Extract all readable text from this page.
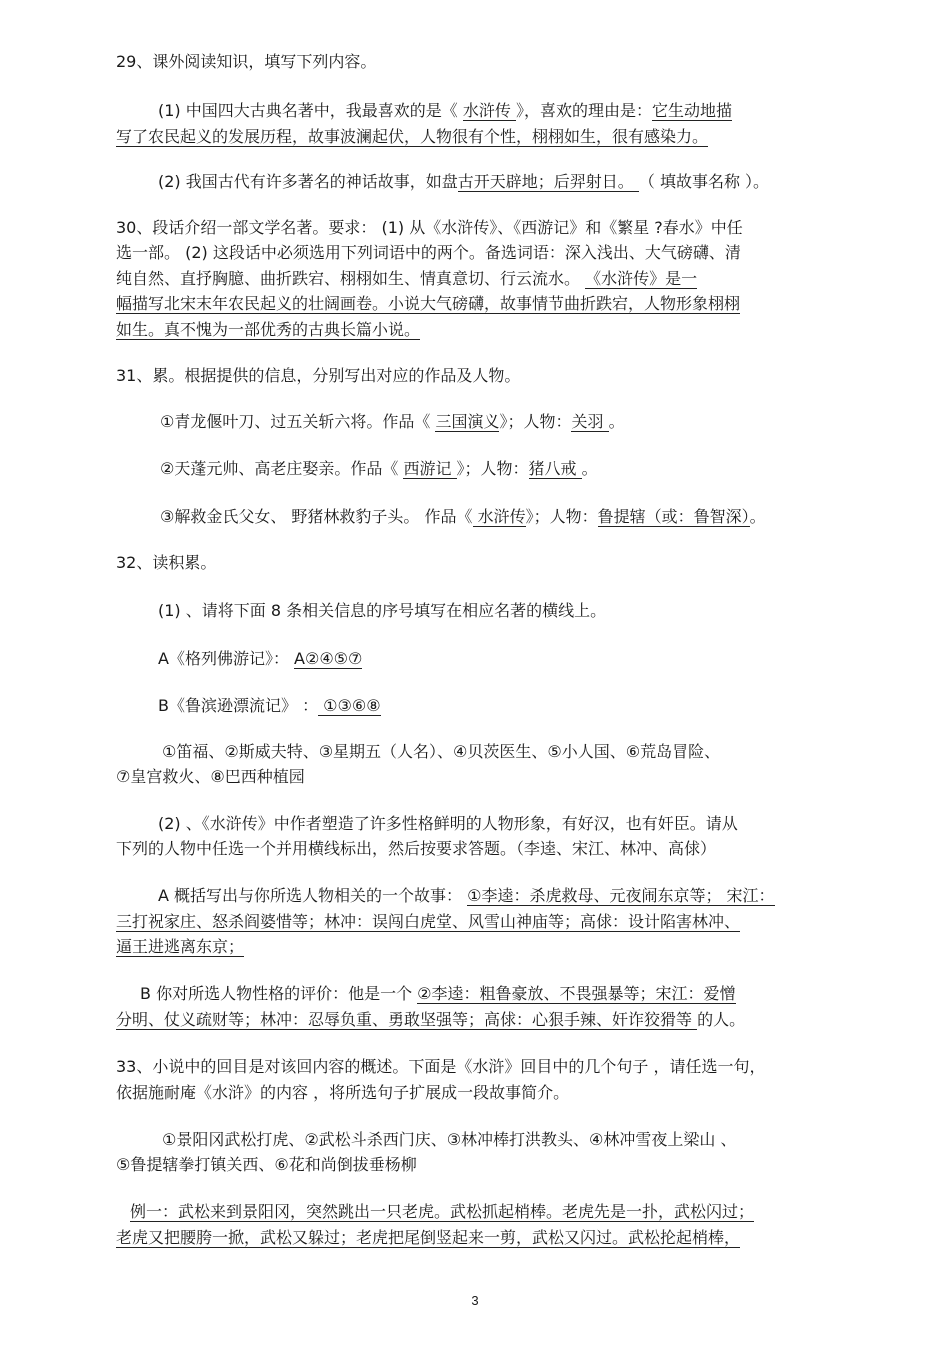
29、课外阅读知识，填写下列内容。
(1) 中国四大古典名著中，我最喜欢的是《 水浒传 》，喜欢的理由是：它生动地描
写了农民起义的发展历程，故事波澜起伏，人物很有个性，栩栩如生，很有感染力。
(2) 我国古代有许多著名的神话故事，如盘古开天辟地；后羿射日。 （ 填故事名称 ）。
30、段话介绍一部文学名著。要求： (1) 从《水浒传》、《西游记》和《繁星 ?春水》中任
选一部。 (2) 这段话中必须选用下列词语中的两个。备选词语：深入浅出、大气磅礴、清
纯自然、直抒胸臆、曲折跌宕、栩栩如生、情真意切、行云流水。 《水浒传》是一
幅描写北宋末年农民起义的壮阔画卷。小说大气磅礴，故事情节曲折跌宕，人物形象栩栩
如生。真不愧为一部优秀的古典长篇小说。
31、累。根据提供的信息，分别写出对应的作品及人物。
①青龙偃叶刀、过五关斩六将。作品《 三国演义》；人物：关羽 。
②天蓬元帅、高老庄娶亲。作品《 西游记 》；人物：猪八戒 。
③解救金氏父女、 野猪林救豹子头。 作品《 水浒传》；人物：鲁提辖（或：鲁智深）。
32、读积累。
(1) 、请将下面 8 条相关信息的序号填写在相应名著的横线上。
A《格列佛游记》： A②④⑤⑦
B《鲁滨逊漂流记》 ： ①③⑥⑧
①笛福、②斯威夫特、③星期五（人名）、④贝茨医生、⑤小人国、⑥荒岛冒险、
⑦皇宫救火、⑧巴西种植园
(2) 、《水浒传》中作者塑造了许多性格鲜明的人物形象，有好汉，也有奸臣。请从
下列的人物中任选一个并用横线标出，然后按要求答题。（李逵、宋江、林冲、高俅）
A 概括写出与你所选人物相关的一个故事： ①李逵：杀虎救母、元夜闹东京等； 宋江：
三打祝家庄、怒杀阎婆惜等；林冲：误闯白虎堂、风雪山神庙等；高俅：设计陷害林冲、
逼王进逃离东京；
B 你对所选人物性格的评价：他是一个 ②李逵：粗鲁豪放、不畏强暴等；宋江：爱憎
分明、仗义疏财等；林冲：忍辱负重、勇敢坚强等；高俅：心狠手辣、奸诈狡猾等 的人。
33、小说中的回目是对该回内容的概述。下面是《水浒》回目中的几个句子 ，请任选一句，
依据施耐庵《水浒》的内容 ，将所选句子扩展成一段故事简介。
①景阳冈武松打虎、②武松斗杀西门庆、③林冲棒打洪教头、④林冲雪夜上梁山 、
⑤鲁提辖拳打镇关西、⑥花和尚倒拔垂杨柳
例一：武松来到景阳冈，突然跳出一只老虎。武松抓起梢棒。老虎先是一扑，武松闪过；
老虎又把腰胯一掀，武松又躲过；老虎把尾倒竖起来一剪，武松又闪过。武松抡起梢棒，
3
